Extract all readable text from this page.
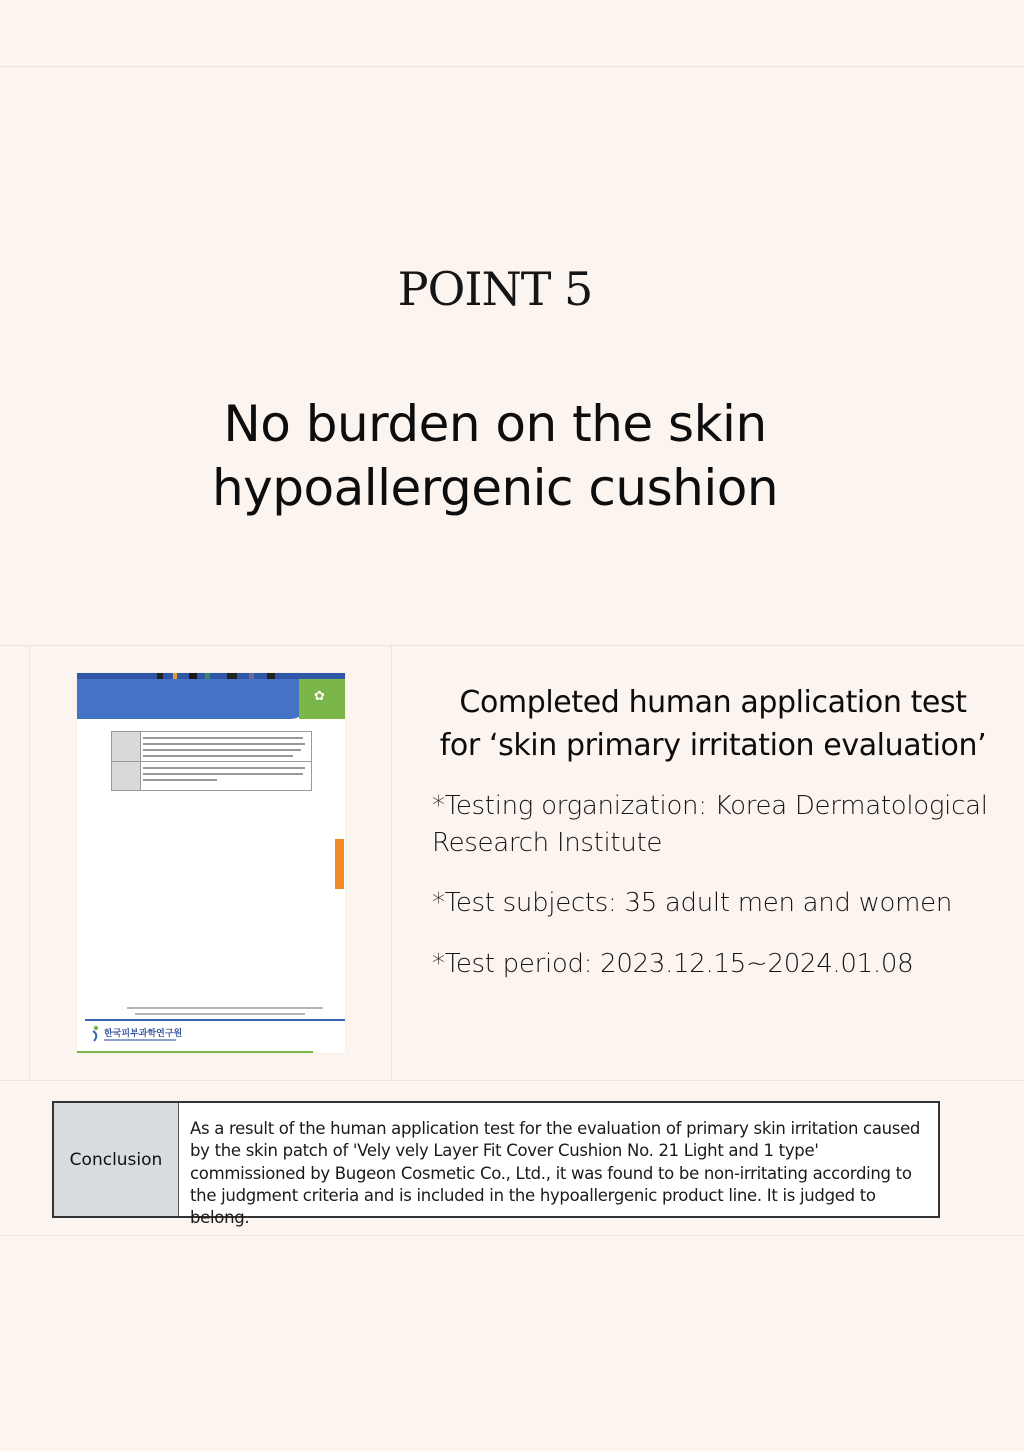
POINT 5
No burden on the skin
hypoallergenic cushion
✿
한국피부과학연구원
Completed human application test
for ‘skin primary irritation evaluation’
*Testing organization: Korea Dermatological Research Institute
*Test subjects: 35 adult men and women
*Test period: 2023.12.15~2024.01.08
Conclusion
As a result of the human application test for the evaluation of primary skin irritation caused by the skin patch of 'Vely vely Layer Fit Cover Cushion No. 21 Light and 1 type' commissioned by Bugeon Cosmetic Co., Ltd., it was found to be non-irritating according to the judgment criteria and is included in the hypoallergenic product line. It is judged to belong.
